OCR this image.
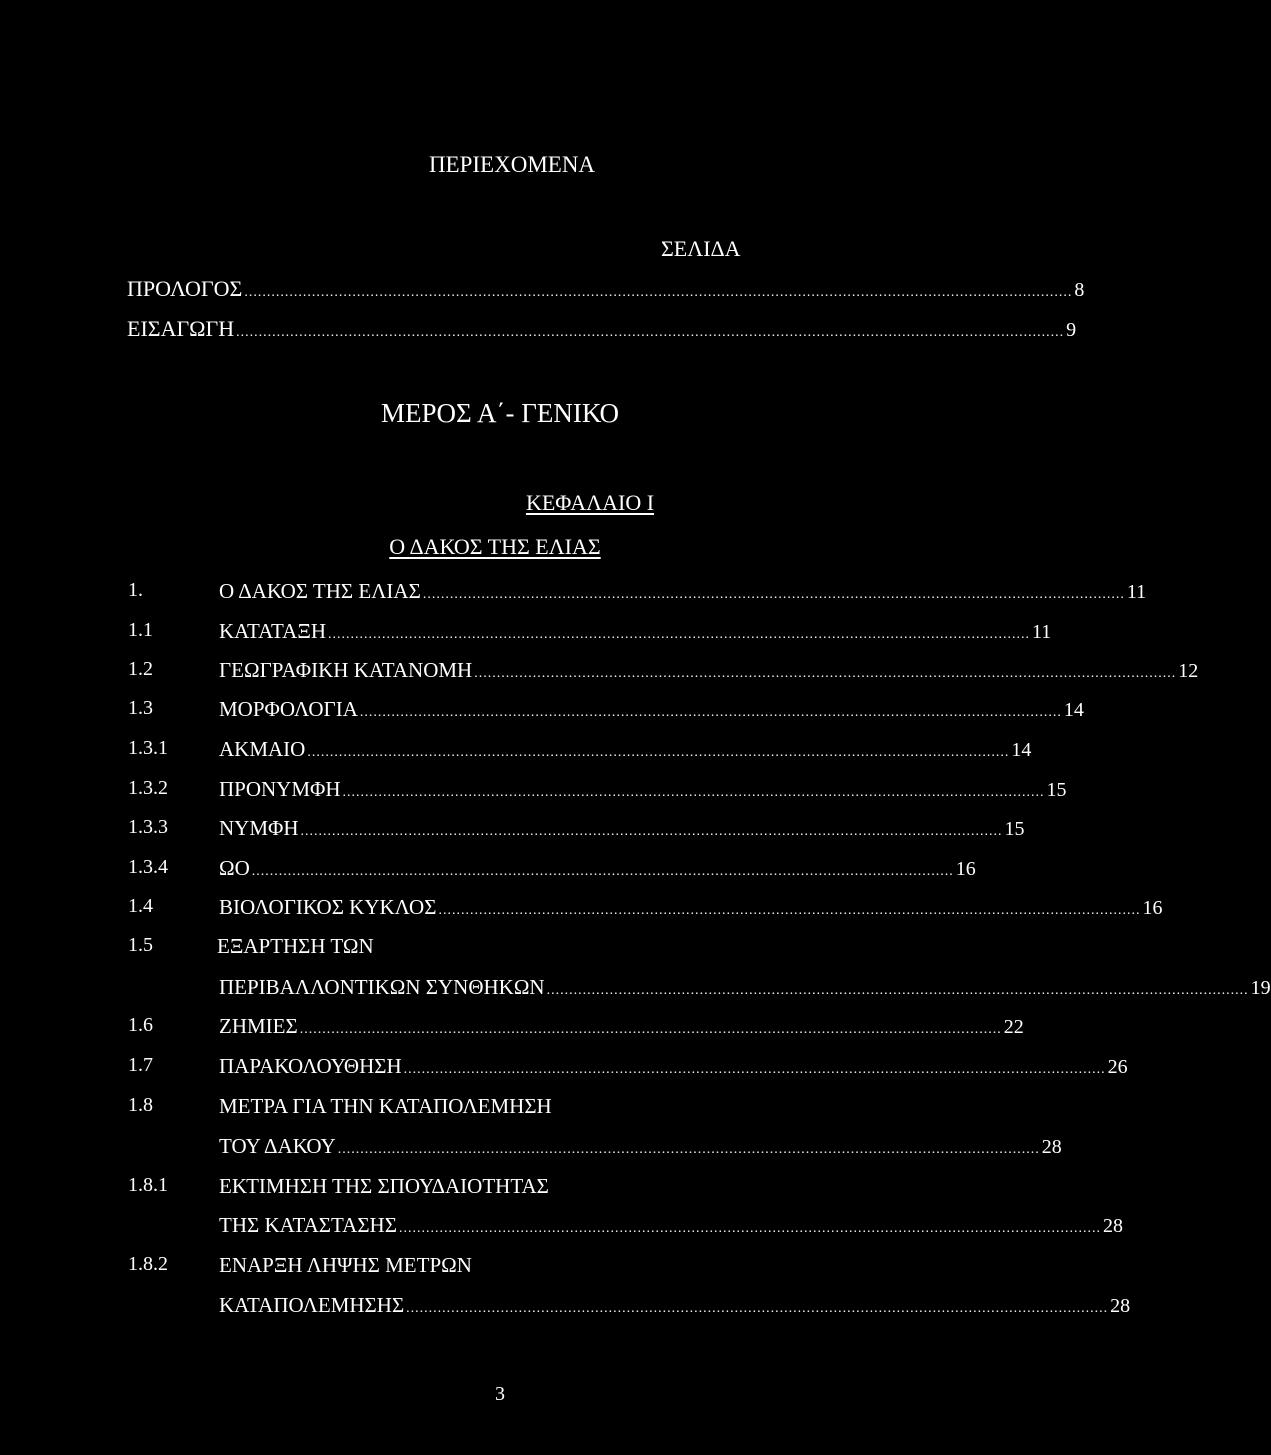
ΠΕΡΙΕΧΟΜΕΝΑ
ΣΕΛΙΔΑ
ΠΡΟΛΟΓΟΣ ........................................................................................................................................................................................ 8
ΕΙΣΑΓΩΓΗ ........................................................................................................................................................................................ 9
ΜΕΡΟΣ Α΄- ΓΕΝΙΚΟ
ΚΕΦΑΛΑΙΟ Ι
Ο ΔΑΚΟΣ ΤΗΣ ΕΛΙΑΣ
1.	Ο ΔΑΚΟΣ ΤΗΣ ΕΛΙΑΣ ............................................................................................................................................................ 11
1.1	ΚΑΤΑΤΑΞΗ ............................................................................................................................................................ 11
1.2	ΓΕΩΓΡΑΦΙΚΗ ΚΑΤΑΝΟΜΗ ............................................................................................................................................................ 12
1.3	ΜΟΡΦΟΛΟΓΙΑ ............................................................................................................................................................ 14
1.3.1 ΑΚΜΑΙΟ ............................................................................................................................................................ 14
1.3.2 ΠΡΟΝΥΜΦΗ ............................................................................................................................................................ 15
1.3.3 ΝΥΜΦΗ ............................................................................................................................................................ 15
1.3.4 ΩΟ ............................................................................................................................................................ 16
1.4	ΒΙΟΛΟΓΙΚΟΣ ΚΥΚΛΟΣ ............................................................................................................................................................ 16
1.5	ΕΞΑΡΤΗΣΗ ΤΩΝ
ΠΕΡΙΒΑΛΛΟΝΤΙΚΩΝ ΣΥΝΘΗΚΩΝ ............................................................................................................................................................ 19
1.6	ΖΗΜΙΕΣ ............................................................................................................................................................ 22
1.7	ΠΑΡΑΚΟΛΟΥΘΗΣΗ ............................................................................................................................................................ 26
1.8	ΜΕΤΡΑ ΓΙΑ ΤΗΝ ΚΑΤΑΠΟΛΕΜΗΣΗ
ΤΟΥ ΔΑΚΟΥ ............................................................................................................................................................ 28
1.8.1 ΕΚΤΙΜΗΣΗ ΤΗΣ ΣΠΟΥΔΑΙΟΤΗΤΑΣ
ΤΗΣ ΚΑΤΑΣΤΑΣΗΣ ............................................................................................................................................................ 28
1.8.2 ΕΝΑΡΞΗ ΛΗΨΗΣ ΜΕΤΡΩΝ
ΚΑΤΑΠΟΛΕΜΗΣΗΣ ............................................................................................................................................................ 28
3
